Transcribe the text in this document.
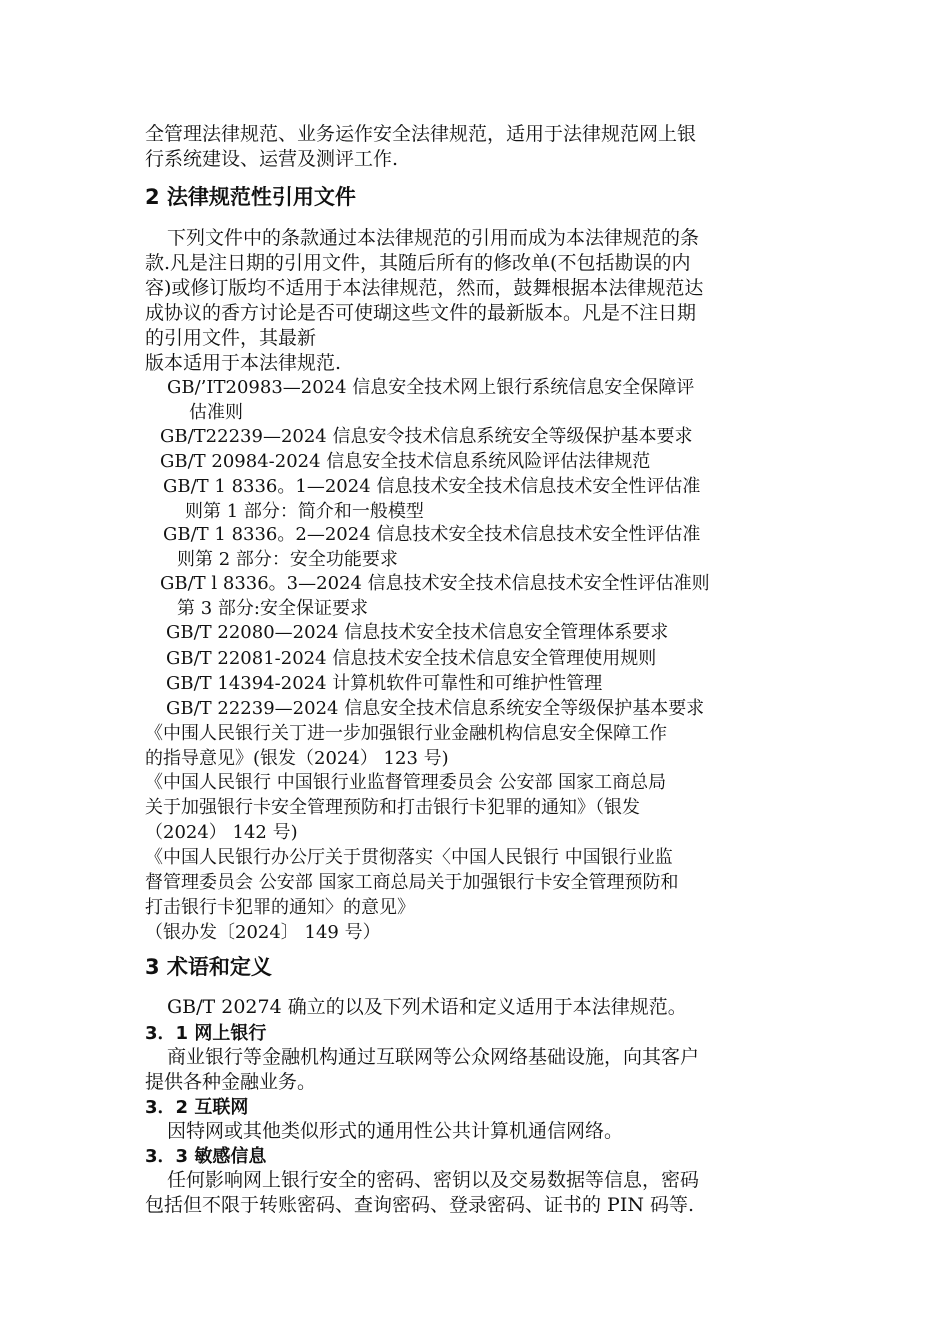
全管理法律规范、业务运作安全法律规范，适用于法律规范网上银
行系统建设、运营及测评工作.

2 法律规范性引用文件

下列文件中的条款通过本法律规范的引用而成为本法律规范的条
款.凡是注日期的引用文件，其随后所有的修改单(不包括勘误的内
容)或修订版均不适用于本法律规范，然而，鼓舞根据本法律规范达
成协议的香方讨论是否可使瑚这些文件的最新版本。凡是不注日期
的引用文件，其最新
版本适用于本法律规范.

GB/’IT20983—2024 信息安全技术网上银行系统信息安全保障评
估准则

GB/T22239—2024 信息安令技术信息系统安全等级保护基本要求

GB/T 20984-2024 信息安全技术信息系统风险评估法律规范

GB/T 1 8336。1—2024 信息技术安全技术信息技术安全性评估准
则第 1 部分：简介和一般模型

GB/T 1 8336。2—2024 信息技术安全技术信息技术安全性评估准
则第 2 部分：安全功能要求

GB/T l 8336。3—2024 信息技术安全技术信息技术安全性评估准则
第 3 部分:安全保证要求

GB/T 22080—2024 信息技术安全技术信息安全管理体系要求

GB/T 22081-2024 信息技术安全技术信息安全管理使用规则

GB/T 14394-2024 计算机软件可靠性和可维护性管理

GB/T 22239—2024 信息安全技术信息系统安全等级保护基本要求

《中围人民银行关丁进一步加强银行业金融机构信息安全保障工作
的指导意见》(银发（2024） 123 号)

《中国人民银行 中国银行业监督管理委员会 公安部 国家工商总局
关于加强银行卡安全管理预防和打击银行卡犯罪的通知》（银发
（2024） 142 号)

《中国人民银行办公厅关于贯彻落实〈中国人民银行 中国银行业监
督管理委员会 公安部 国家工商总局关于加强银行卡安全管理预防和
打击银行卡犯罪的通知〉的意见》
（银办发〔2024〕 149 号）

3 术语和定义

GB/T 20274 确立的以及下列术语和定义适用于本法律规范。

3．1 网上银行

商业银行等金融机构通过互联网等公众网络基础设施，向其客户
提供各种金融业务。

3．2 互联网

因特网或其他类似形式的通用性公共计算机通信网络。

3．3 敏感信息

任何影响网上银行安全的密码、密钥以及交易数据等信息，密码
包括但不限于转账密码、查询密码、登录密码、证书的 PIN 码等.
